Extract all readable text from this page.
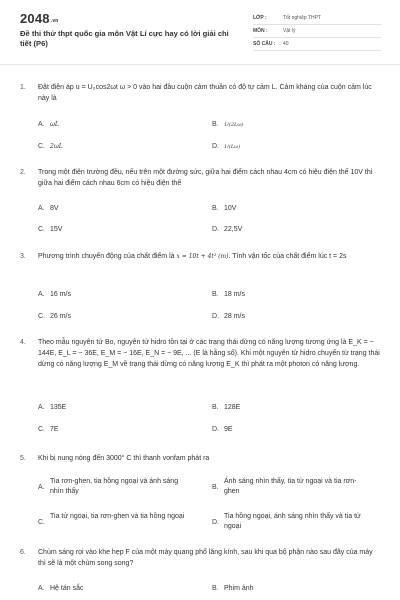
2048.vn
Đề thi thử thpt quốc gia môn Vật Lí cực hay có lời giải chi tiết (P6)
LỚP :	Tốt nghiệp THPT
MÔN :	Vật lý
SỐ CÂU :	40
1.	Đặt điện áp u = U₀cos2ωt ω > 0 vào hai đầu cuộn cảm thuần có độ tự cảm L. Cảm kháng của cuộn cảm lúc này là
A. ωL	B. 1/(2Lω)
C. 2ωL	D. 1/(Lω)
2.	Trong một điện trường đều, nếu trên một đường sức, giữa hai điểm cách nhau 4cm có hiệu điện thế 10V thì giữa hai điểm cách nhau 6cm có hiệu điện thế
A. 8V	B. 10V
C. 15V	D. 22,5V
3.	Phương trình chuyển động của chất điểm là x = 10t + 4t² (m). Tính vận tốc của chất điểm lúc t = 2s
A. 16 m/s	B. 18 m/s
C. 26 m/s	D. 28 m/s
4.	Theo mẫu nguyên tử Bo, nguyên tử hidro tồn tại ở các trạng thái dừng có năng lượng tương ứng là E_K = − 144E, E_L = − 36E, E_M = − 16E, E_N = − 9E, ... (E là hằng số). Khi một nguyên tử hidro chuyển từ trạng thái dừng có năng lượng E_M về trạng thái dừng có năng lượng E_K thì phát ra một photon có năng lượng.
A. 135E	B. 128E
C. 7E	D. 9E
5.	Khi bị nung nóng đến 3000° C thì thanh vonfam phát ra
A.
Tia rơn-ghen, tia hồng ngoại và ánh sáng nhìn thấy
B.
Ánh sáng nhìn thấy, tia tử ngoại và tia rơn-ghen
C.
Tia tử ngoại, tia rơn-ghen và tia hồng ngoại
D.
Tia hồng ngoại, ánh sáng nhìn thấy và tia tử ngoại
6.	Chùm sáng rọi vào khe hẹp F của một máy quang phổ lăng kính, sau khi qua bộ phận nào sau đây của máy thì sẽ là một chùm song song?
A. Hệ tán sắc	B. Phim ảnh
